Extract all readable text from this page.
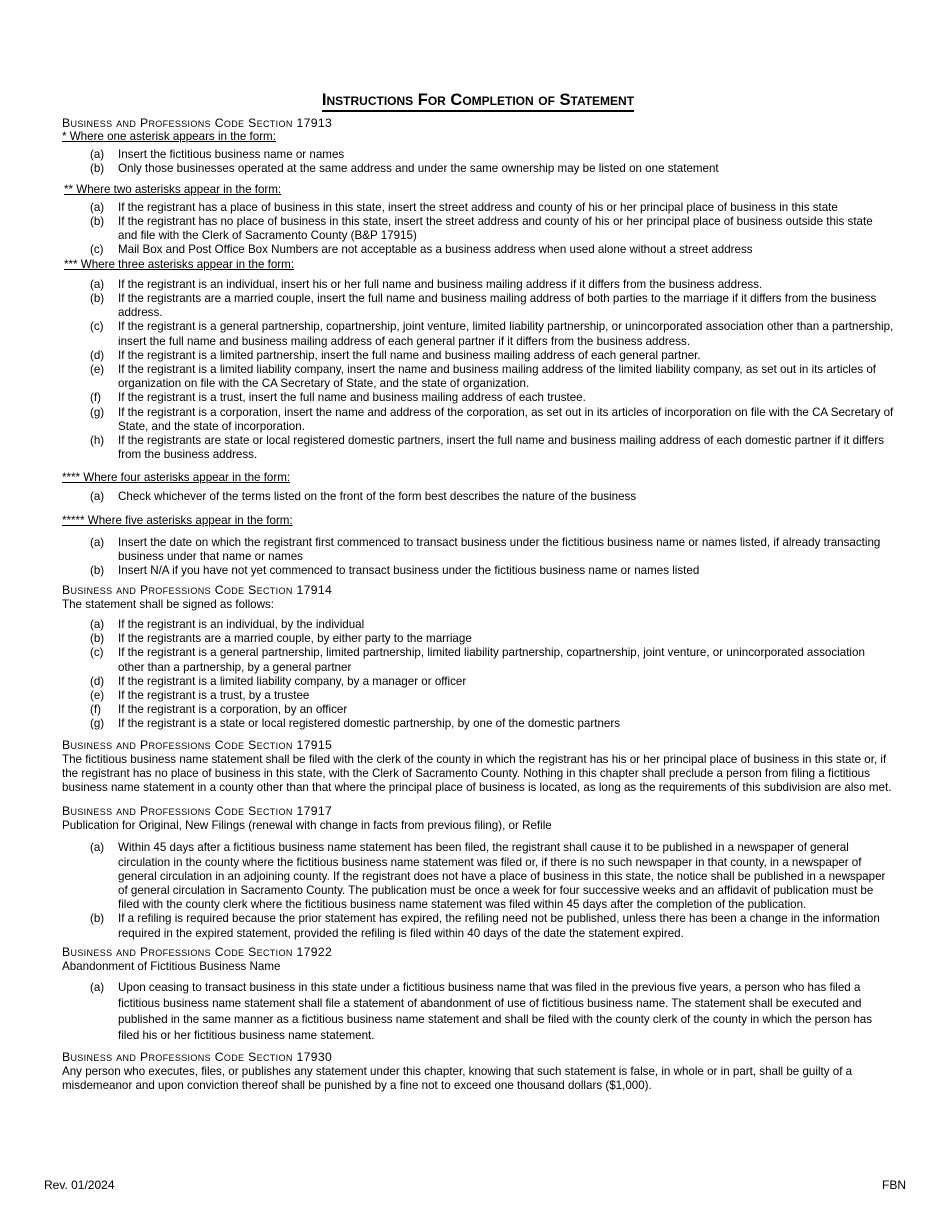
Instructions For Completion of Statement
Business and Professions Code Section 17913
* Where one asterisk appears in the form:
(a)	Insert the fictitious business name or names
(b)	Only those businesses operated at the same address and under the same ownership may be listed on one statement
** Where two asterisks appear in the form:
(a)	If the registrant has a place of business in this state, insert the street address and county of his or her principal place of business in this state
(b)	If the registrant has no place of business in this state, insert the street address and county of his or her principal place of business outside this state and file with the Clerk of Sacramento County (B&P 17915)
(c)	Mail Box and Post Office Box Numbers are not acceptable as a business address when used alone without a street address
*** Where three asterisks appear in the form:
(a)	If the registrant is an individual, insert his or her full name and business mailing address if it differs from the business address.
(b)	If the registrants are a married couple, insert the full name and business mailing address of both parties to the marriage if it differs from the business address.
(c)	If the registrant is a general partnership, copartnership, joint venture, limited liability partnership, or unincorporated association other than a partnership, insert the full name and business mailing address of each general partner if it differs from the business address.
(d)	If the registrant is a limited partnership, insert the full name and business mailing address of each general partner.
(e)	If the registrant is a limited liability company, insert the name and business mailing address of the limited liability company, as set out in its articles of organization on file with the CA Secretary of State, and the state of organization.
(f)	If the registrant is a trust, insert the full name and business mailing address of each trustee.
(g)	If the registrant is a corporation, insert the name and address of the corporation, as set out in its articles of incorporation on file with the CA Secretary of State, and the state of incorporation.
(h)	If the registrants are state or local registered domestic partners, insert the full name and business mailing address of each domestic partner if it differs from the business address.
**** Where four asterisks appear in the form:
(a)	Check whichever of the terms listed on the front of the form best describes the nature of the business
***** Where five asterisks appear in the form:
(a)	Insert the date on which the registrant first commenced to transact business under the fictitious business name or names listed, if already transacting business under that name or names
(b)	Insert N/A if you have not yet commenced to transact business under the fictitious business name or names listed
Business and Professions Code Section 17914
The statement shall be signed as follows:
(a)	If the registrant is an individual, by the individual
(b)	If the registrants are a married couple, by either party to the marriage
(c)	If the registrant is a general partnership, limited partnership, limited liability partnership, copartnership, joint venture, or unincorporated association other than a partnership, by a general partner
(d)	If the registrant is a limited liability company, by a manager or officer
(e)	If the registrant is a trust, by a trustee
(f)	If the registrant is a corporation, by an officer
(g)	If the registrant is a state or local registered domestic partnership, by one of the domestic partners
Business and Professions Code Section 17915
The fictitious business name statement shall be filed with the clerk of the county in which the registrant has his or her principal place of business in this state or, if the registrant has no place of business in this state, with the Clerk of Sacramento County. Nothing in this chapter shall preclude a person from filing a fictitious business name statement in a county other than that where the principal place of business is located, as long as the requirements of this subdivision are also met.
Business and Professions Code Section 17917
Publication for Original, New Filings (renewal with change in facts from previous filing), or Refile
(a)	Within 45 days after a fictitious business name statement has been filed, the registrant shall cause it to be published in a newspaper of general circulation in the county where the fictitious business name statement was filed or, if there is no such newspaper in that county, in a newspaper of general circulation in an adjoining county. If the registrant does not have a place of business in this state, the notice shall be published in a newspaper of general circulation in Sacramento County. The publication must be once a week for four successive weeks and an affidavit of publication must be filed with the county clerk where the fictitious business name statement was filed within 45 days after the completion of the publication.
(b)	If a refiling is required because the prior statement has expired, the refiling need not be published, unless there has been a change in the information required in the expired statement, provided the refiling is filed within 40 days of the date the statement expired.
Business and Professions Code Section 17922
Abandonment of Fictitious Business Name
(a)	Upon ceasing to transact business in this state under a fictitious business name that was filed in the previous five years, a person who has filed a fictitious business name statement shall file a statement of abandonment of use of fictitious business name. The statement shall be executed and published in the same manner as a fictitious business name statement and shall be filed with the county clerk of the county in which the person has filed his or her fictitious business name statement.
Business and Professions Code Section 17930
Any person who executes, files, or publishes any statement under this chapter, knowing that such statement is false, in whole or in part, shall be guilty of a misdemeanor and upon conviction thereof shall be punished by a fine not to exceed one thousand dollars ($1,000).
Rev. 01/2024	FBN
